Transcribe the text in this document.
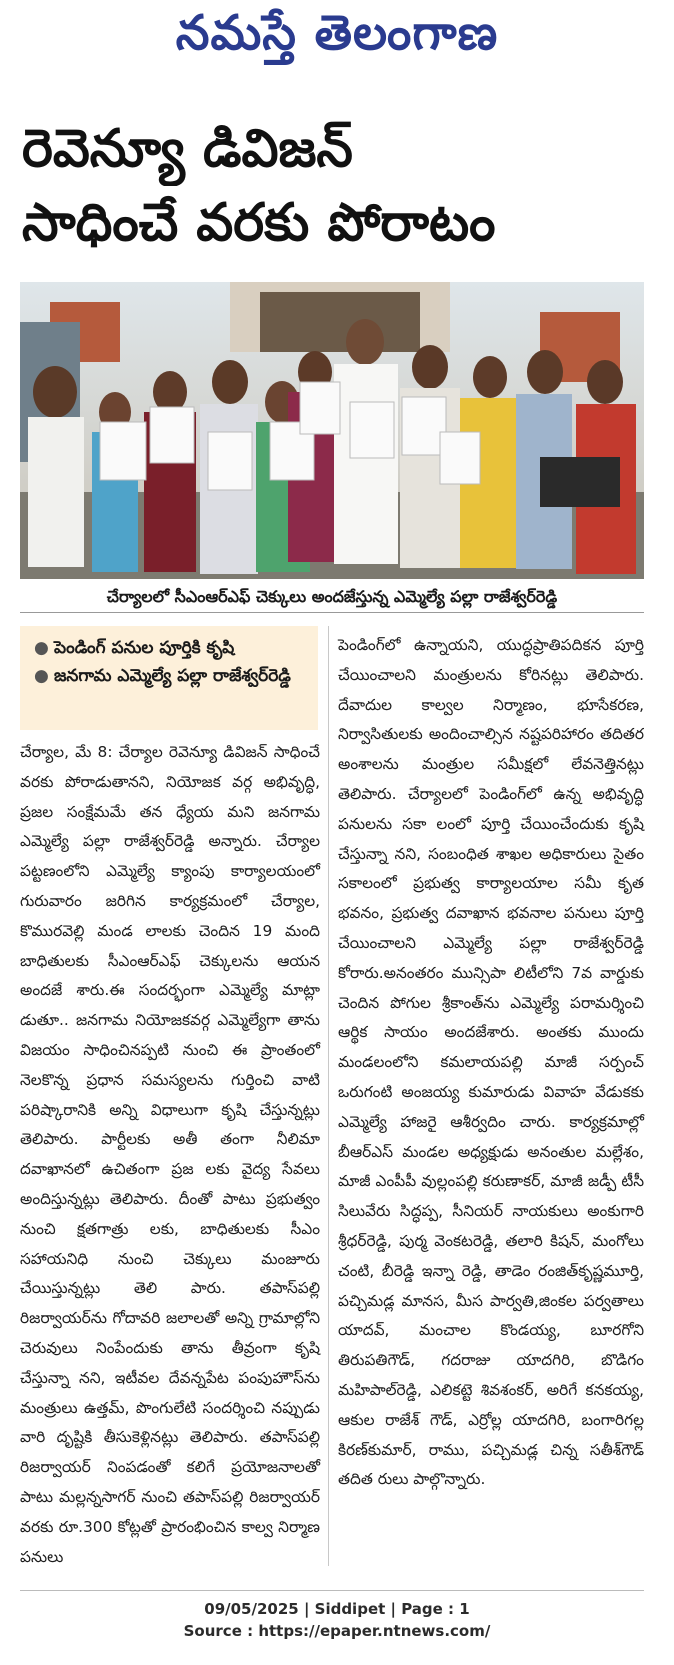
నమస్తే తెలంగాణ
రెవెన్యూ డివిజన్
సాధించే వరకు పోరాటం
చేర్యాలలో సీఎంఆర్ఎఫ్ చెక్కులు అందజేస్తున్న ఎమ్మెల్యే పల్లా రాజేశ్వర్‌రెడ్డి
● పెండింగ్ పనుల పూర్తికి కృషి
● జనగామ ఎమ్మెల్యే పల్లా రాజేశ్వర్‌రెడ్డి
చేర్యాల, మే 8: చేర్యాల రెవెన్యూ డివిజన్ సాధించే వరకు పోరాడుతానని, నియోజక వర్గ అభివృద్ధి, ప్రజల సంక్షేమమే తన ధ్యేయ మని జనగామ ఎమ్మెల్యే పల్లా రాజేశ్వర్‌రెడ్డి అన్నారు. చేర్యాల పట్టణంలోని ఎమ్మెల్యే క్యాంపు కార్యాలయంలో గురువారం జరిగిన కార్యక్రమంలో చేర్యాల, కొమురవెల్లి మండ లాలకు చెందిన 19 మంది బాధితులకు సీఎంఆర్ఎఫ్ చెక్కులను ఆయన అందజే శారు.ఈ సందర్భంగా ఎమ్మెల్యే మాట్లా డుతూ.. జనగామ నియోజకవర్గ ఎమ్మెల్యేగా తాను విజయం సాధించినప్పటి నుంచి ఈ ప్రాంతంలో నెలకొన్న ప్రధాన సమస్యలను గుర్తించి వాటి పరిష్కారానికి అన్ని విధాలుగా కృషి చేస్తున్నట్లు తెలిపారు. పార్టీలకు అతీ తంగా నీలిమా దవాఖానలో ఉచితంగా ప్రజ లకు వైద్య సేవలు అందిస్తున్నట్లు తెలిపారు. దీంతో పాటు ప్రభుత్వం నుంచి క్షతగాత్రు లకు, బాధితులకు సీఎం సహాయనిధి నుంచి చెక్కులు మంజూరు చేయిస్తున్నట్లు తెలి పారు. తపాస్‌పల్లి రిజర్వాయర్‌ను గోదావరి జలాలతో అన్ని గ్రామాల్లోని చెరువులు నింపేందుకు తాను తీవ్రంగా కృషి చేస్తున్నా నని, ఇటీవల దేవన్నపేట పంపుహౌస్‌ను మంత్రులు ఉత్తమ్, పొంగులేటి సందర్శించి నప్పుడు వారి దృష్టికి తీసుకెళ్లినట్లు తెలిపారు. తపాస్‌పల్లి రిజర్వాయర్ నింపడంతో కలిగే ప్రయోజనాలతో పాటు మల్లన్నసాగర్ నుంచి తపాస్‌పల్లి రిజర్వాయర్ వరకు రూ.300 కోట్లతో ప్రారంభించిన కాల్వ నిర్మాణ పనులు
పెండింగ్‌లో ఉన్నాయని, యుద్ధప్రాతిపదికన పూర్తి చేయించాలని మంత్రులను కోరినట్లు తెలిపారు. దేవాదుల కాల్వల నిర్మాణం, భూసేకరణ, నిర్వాసితులకు అందించాల్సిన నష్టపరిహారం తదితర అంశాలను మంత్రుల సమీక్షలో లేవనెత్తినట్లు తెలిపారు. చేర్యాలలో పెండింగ్‌లో ఉన్న అభివృద్ధి పనులను సకా లంలో పూర్తి చేయించేందుకు కృషి చేస్తున్నా నని, సంబంధిత శాఖల అధికారులు సైతం సకాలంలో ప్రభుత్వ కార్యాలయాల సమీ కృత భవనం, ప్రభుత్వ దవాఖాన భవనాల పనులు పూర్తి చేయించాలని ఎమ్మెల్యే పల్లా రాజేశ్వర్‌రెడ్డి కోరారు.అనంతరం మున్సిపా లిటీలోని 7వ వార్డుకు చెందిన పోగుల శ్రీకాంత్‌ను ఎమ్మెల్యే పరామర్శించి ఆర్థిక సాయం అందజేశారు. అంతకు ముందు మండలంలోని కమలాయపల్లి మాజీ సర్పంచ్ ఒరుగంటి అంజయ్య కుమారుడు వివాహ వేడుకకు ఎమ్మెల్యే హాజరై ఆశీర్వదిం చారు. కార్యక్రమాల్లో బీఆర్ఎస్ మండల అధ్యక్షుడు అనంతుల మల్లేశం, మాజీ ఎంపీపీ వుల్లంపల్లి కరుణాకర్, మాజీ జడ్పీ టీసీ సిలువేరు సిద్ధప్ప, సీనియర్ నాయకులు అంకుగారి శ్రీధర్‌రెడ్డి, పుర్మ వెంకటరెడ్డి, తలారి కిషన్, మంగోలు చంటి, బీరెడ్డి ఇన్నా రెడ్డి, తాడెం రంజిత్‌కృష్ణమూర్తి, పచ్చిమడ్ల మానస, మీస పార్వతి,జింకల పర్వతాలు యాదవ్, మంచాల కొండయ్య, బూరగోని తిరుపతిగౌడ్, గదరాజు యాదగిరి, బొడిగం మహిపాల్‌రెడ్డి, ఎలికట్టె శివశంకర్, అరిగే కనకయ్య, ఆకుల రాజేశ్ గౌడ్, ఎర్రోల్ల యాదగిరి, బంగారిగల్ల కిరణ్‌కుమార్, రాము, పచ్చిమడ్ల చిన్న సతీశ్‌గౌడ్ తదిత రులు పాల్గొన్నారు.
09/05/2025 | Siddipet | Page : 1
Source : https://epaper.ntnews.com/
